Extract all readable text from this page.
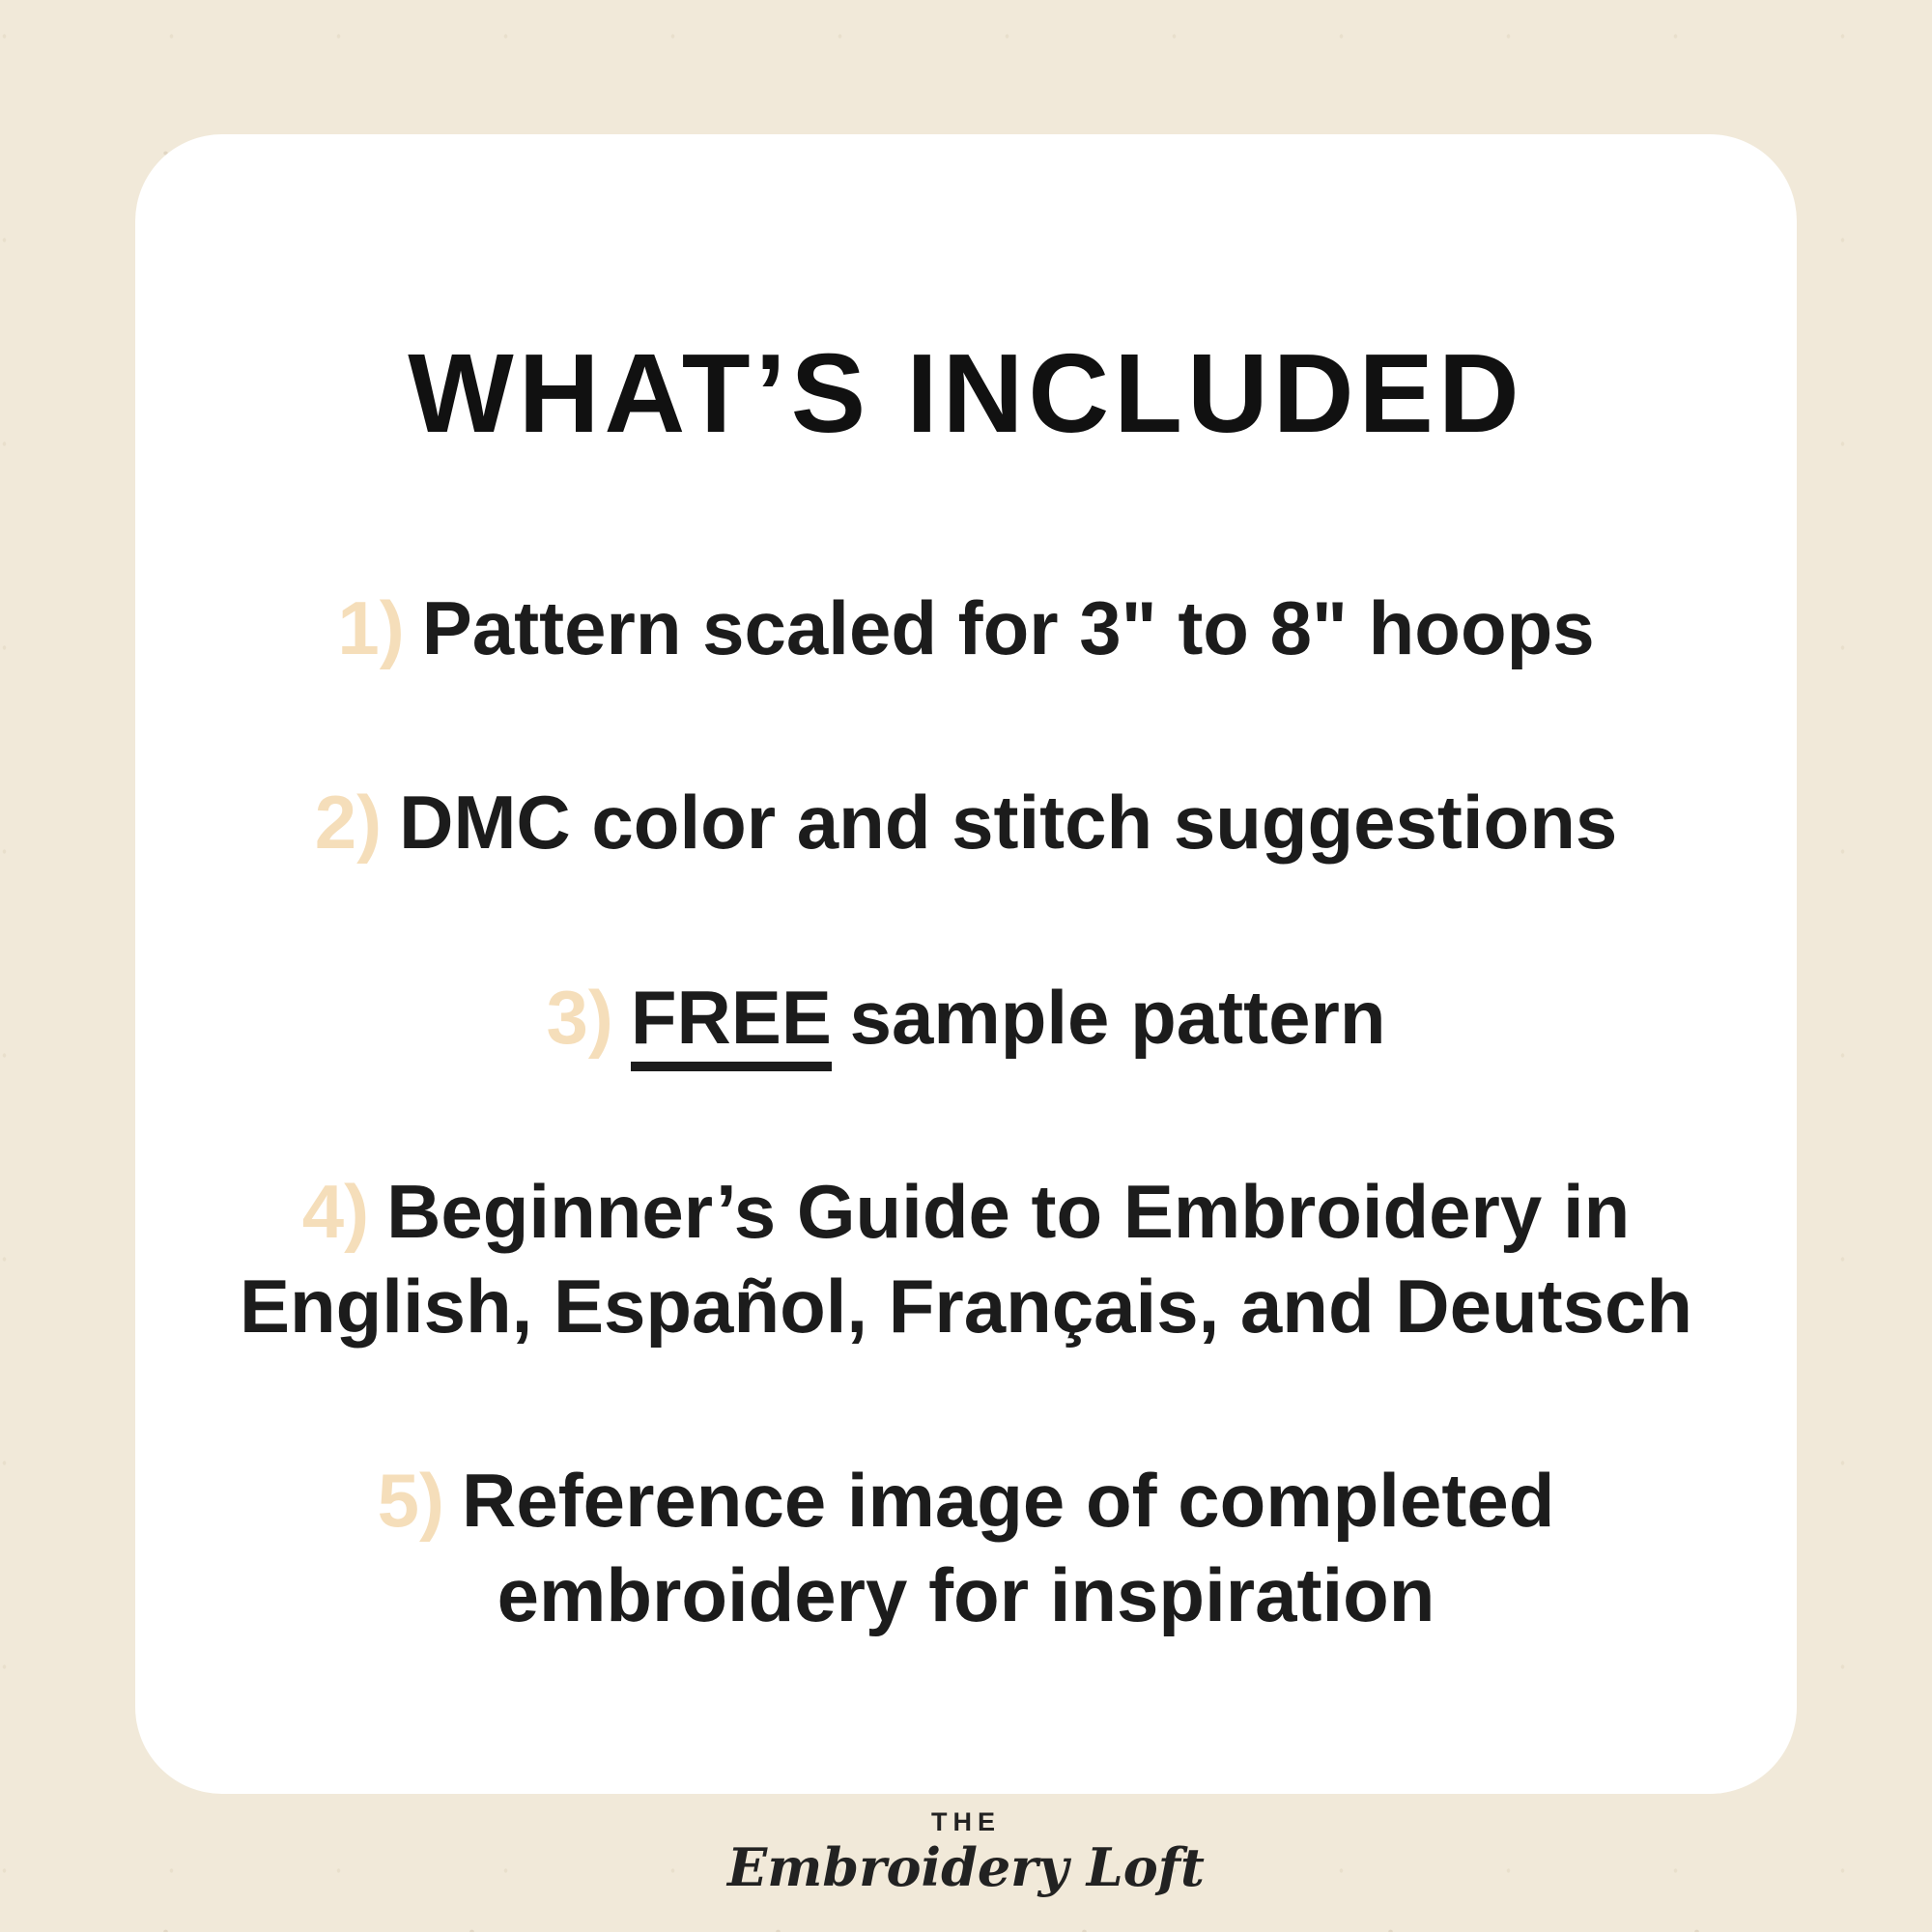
WHAT’S INCLUDED
1) Pattern scaled for 3" to 8" hoops
2) DMC color and stitch suggestions
3) FREE sample pattern
4) Beginner’s Guide to Embroidery in
English, Español, Français, and Deutsch
5) Reference image of completed
embroidery for inspiration
THE
Embroidery Loft
